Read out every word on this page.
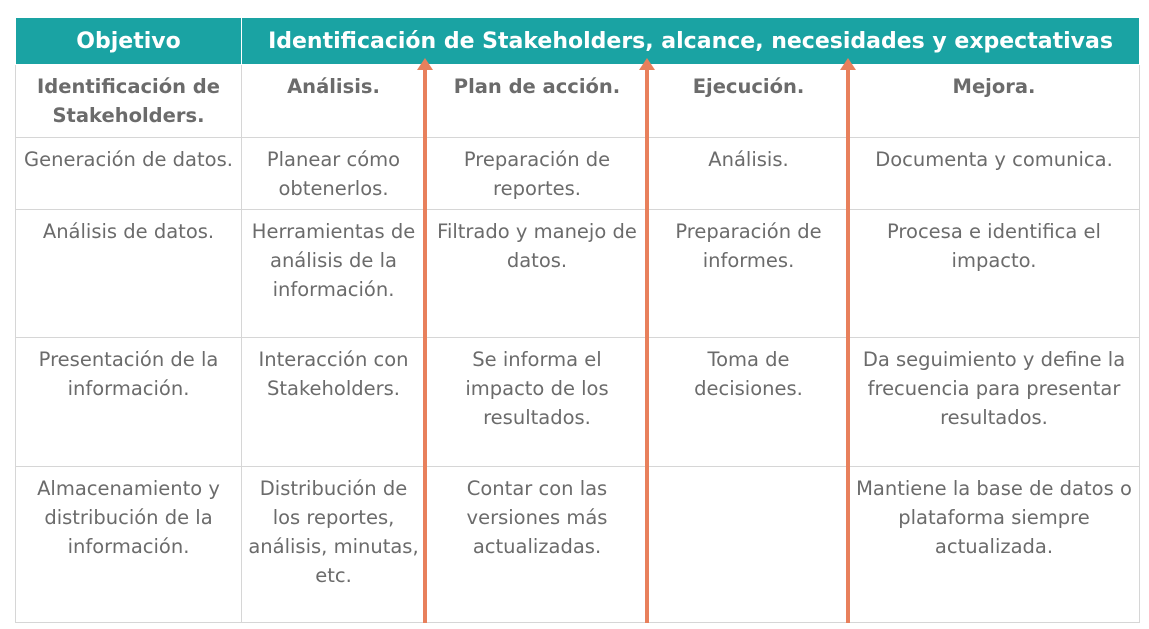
Objetivo	Identificación de Stakeholders, alcance, necesidades y expectativas			
Identificación de Stakeholders.	Análisis.	Plan de acción.	Ejecución.	Mejora.
Generación de datos.	Planear cómo obtenerlos.	Preparación de reportes.	Análisis.	Documenta y comunica.
Análisis de datos.	Herramientas de análisis de la información.	Filtrado y manejo de datos.	Preparación de informes.	Procesa e identifica el impacto.
Presentación de la información.	Interacción con Stakeholders.	Se informa el impacto de los resultados.	Toma de decisiones.	Da seguimiento y define la frecuencia para presentar resultados.
Almacenamiento y distribución de la información.	Distribución de los reportes, análisis, minutas, etc.	Contar con las versiones más actualizadas.		Mantiene la base de datos o plataforma siempre actualizada.
